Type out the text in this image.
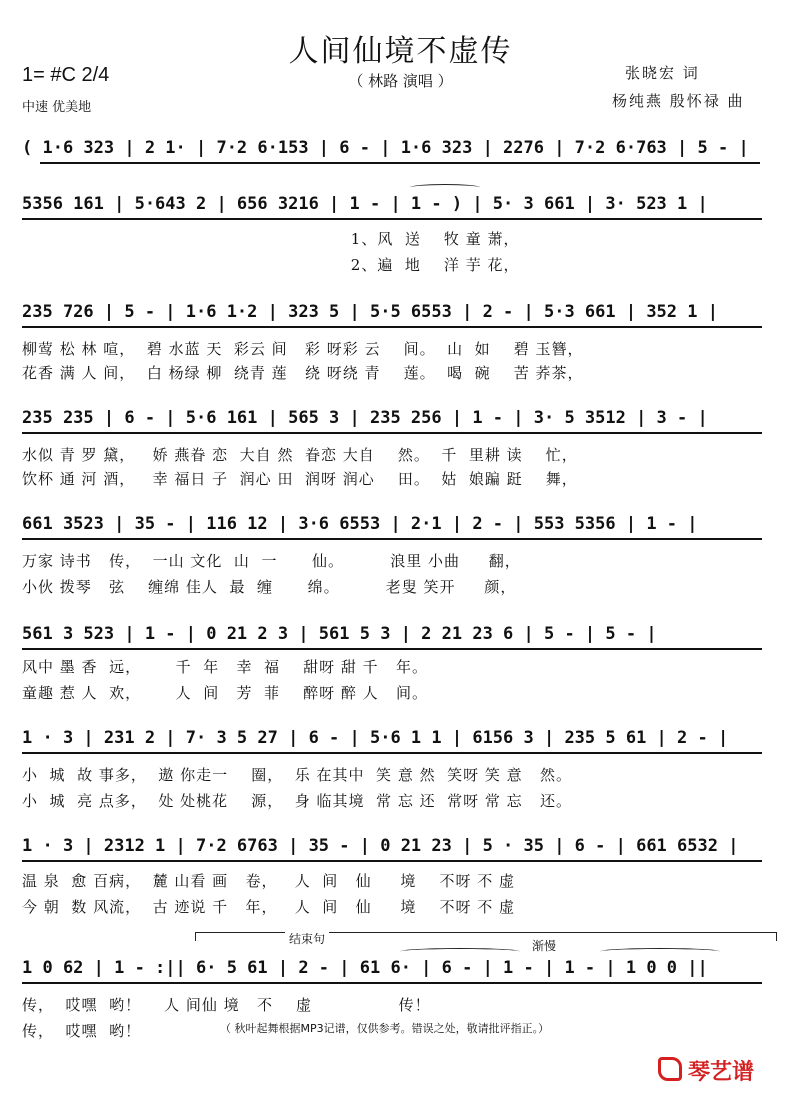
人间仙境不虚传
（ 林路 演唱 ）
1= #C 2/4
中速 优美地
张晓宏 词
杨纯燕 殷怀禄 曲
( 1·6 323 | 2 1· | 7·2 6·153 | 6 - | 1·6 323 | 2276 | 7·2 6·763 | 5 - |
5356 161 | 5·643 2 | 656 3216 | 1 - | 1 - ) | 5· 3 661 | 3· 523 1 |
1、风  送    牧 童 萧，
2、遍  地    洋 芋 花，
235 726 | 5 - | 1·6 1·2 | 323 5 | 5·5 6553 | 2 - | 5·3 661 | 352 1 |
柳莺 松 林 喧，  碧 水蓝 天  彩云 间   彩 呀彩 云    间。  山  如    碧 玉簪，
花香 满 人 间，  白 杨绿 柳  绕青 莲   绕 呀绕 青    莲。  喝  碗    苦 荞茶，
235 235 | 6 - | 5·6 161 | 565 3 | 235 256 | 1 - | 3· 5 3512 | 3 - |
水似 青 罗 黛，   娇 燕眷 恋  大自 然  眷恋 大自    然。  千  里耕 读    忙，
饮杯 通 河 酒，   幸 福日 子  润心 田  润呀 润心    田。  姑  娘蹁 跹    舞，
661 3523 | 35 - | 116 12 | 3·6 6553 | 2·1 | 2 - | 553 5356 | 1 - |
万家 诗书   传，  一山 文化  山  一      仙。        浪里 小曲     翻，
小伙 拨琴   弦    缠绵 佳人  最  缠      绵。        老叟 笑开     颜，
561 3 523 | 1 - | 0 21 2 3 | 561 5 3 | 2 21 23 6 | 5 - | 5 - |
风中 墨 香  远，      千  年   幸  福    甜呀 甜 千   年。
童趣 惹 人  欢，      人  间   芳  菲    醉呀 醉 人   间。
1 · 3 | 231 2 | 7· 3 5 27 | 6 - | 5·6 1 1 | 6156 3 | 235 5 61 | 2 - |
小  城  故 事多，  遨 你走一    圈，  乐 在其中  笑 意 然  笑呀 笑 意   然。
小  城  亮 点多，  处 处桃花    源，  身 临其境  常 忘 还  常呀 常 忘   还。
1 · 3 | 2312 1 | 7·2 6763 | 35 - | 0 21 23 | 5 · 35 | 6 - | 661 6532 |
温 泉  愈 百病，  麓 山看 画   卷，   人  间   仙     境    不呀 不 虚
今 朝  数 风流，  古 迹说 千   年，   人  间   仙     境    不呀 不 虚
结束句	渐慢
1 0 62 | 1 - :|| 6· 5 61 | 2 - | 61 6· | 6 - | 1 - | 1 - | 1 0 0 ||
传，  哎嘿  哟！    人 间仙 境   不    虚               传！
传，  哎嘿  哟！	（ 秋叶起舞根据MP3记谱，仅供参考。错误之处，敬请批评指正。）
琴艺谱
